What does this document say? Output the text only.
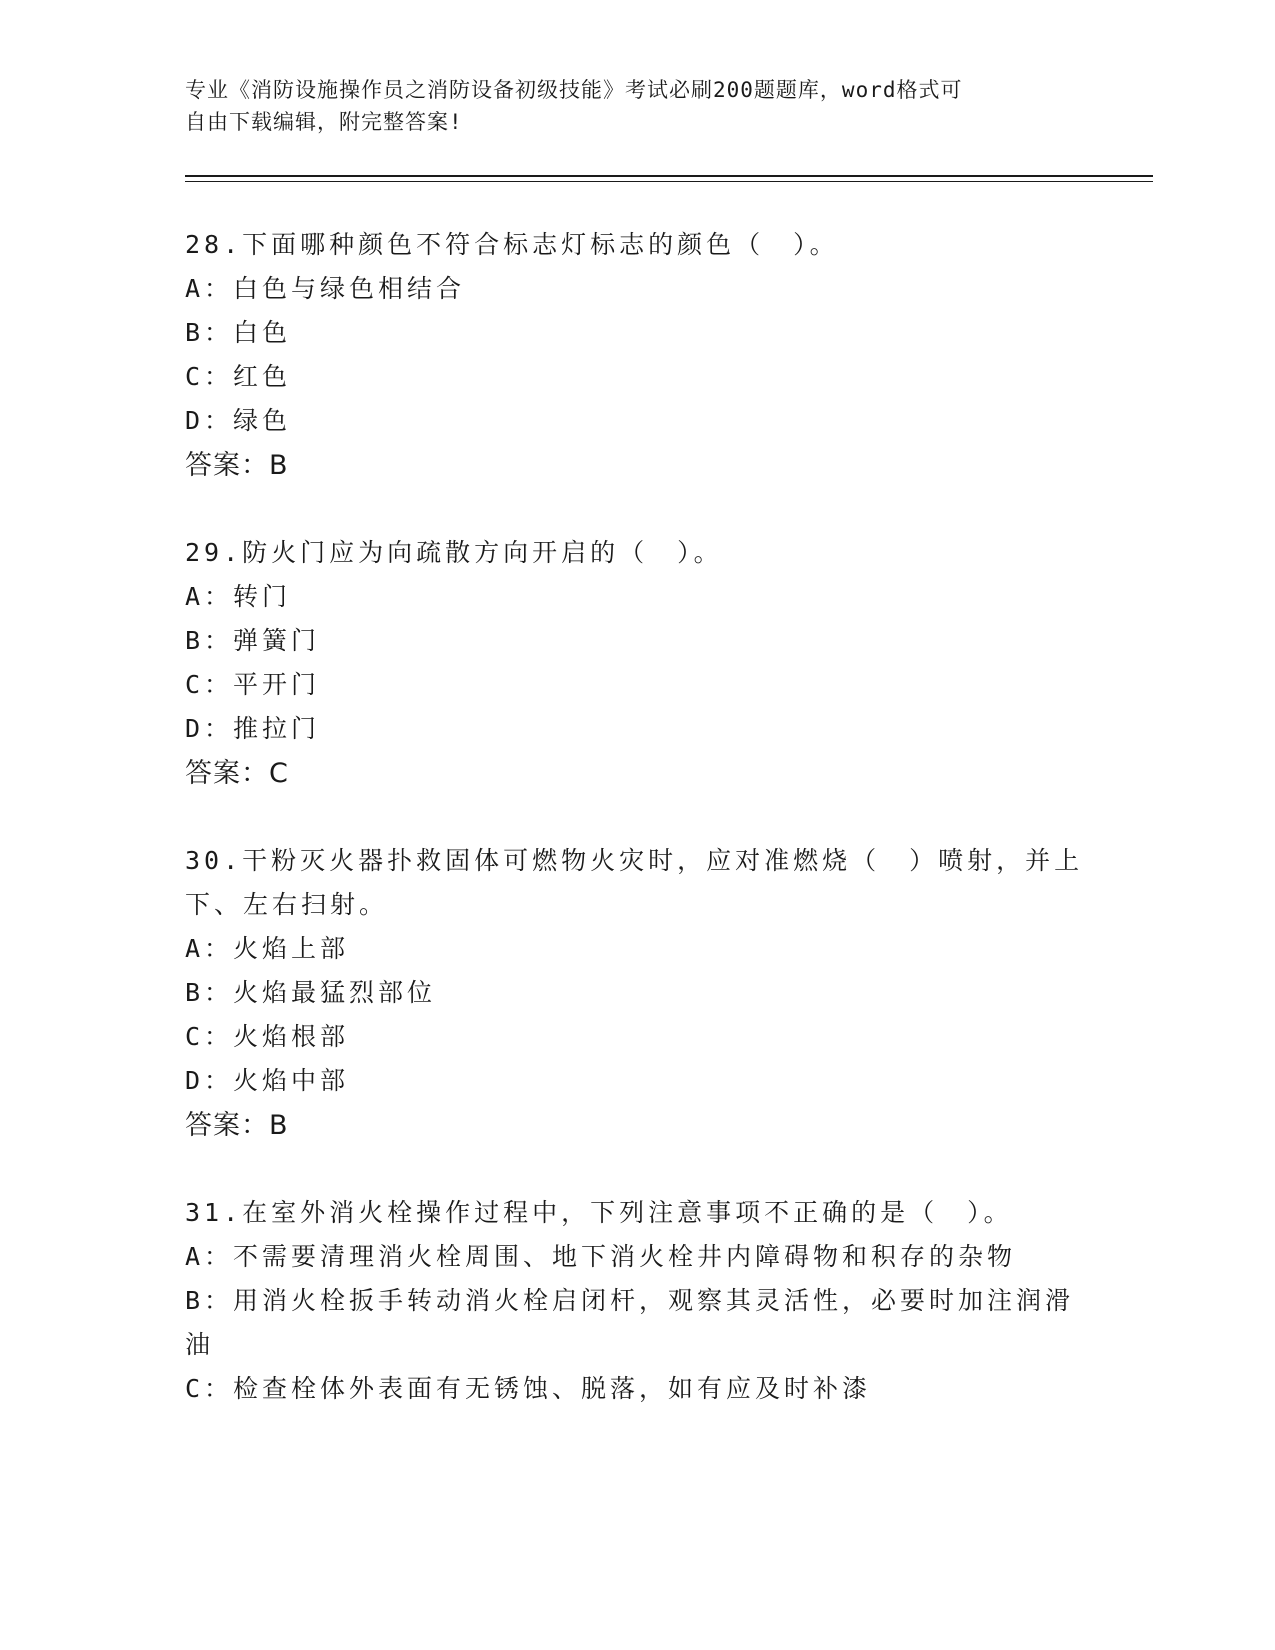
专业《消防设施操作员之消防设备初级技能》考试必刷200题题库，word格式可
自由下载编辑，附完整答案!
28.下面哪种颜色不符合标志灯标志的颜色（　）。
A：白色与绿色相结合
B：白色
C：红色
D：绿色
答案：B
29.防火门应为向疏散方向开启的（　）。
A：转门
B：弹簧门
C：平开门
D：推拉门
答案：C
30.干粉灭火器扑救固体可燃物火灾时，应对准燃烧（　）喷射，并上
下、左右扫射。
A：火焰上部
B：火焰最猛烈部位
C：火焰根部
D：火焰中部
答案：B
31.在室外消火栓操作过程中，下列注意事项不正确的是（　）。
A：不需要清理消火栓周围、地下消火栓井内障碍物和积存的杂物
B：用消火栓扳手转动消火栓启闭杆，观察其灵活性，必要时加注润滑
油
C：检查栓体外表面有无锈蚀、脱落，如有应及时补漆
